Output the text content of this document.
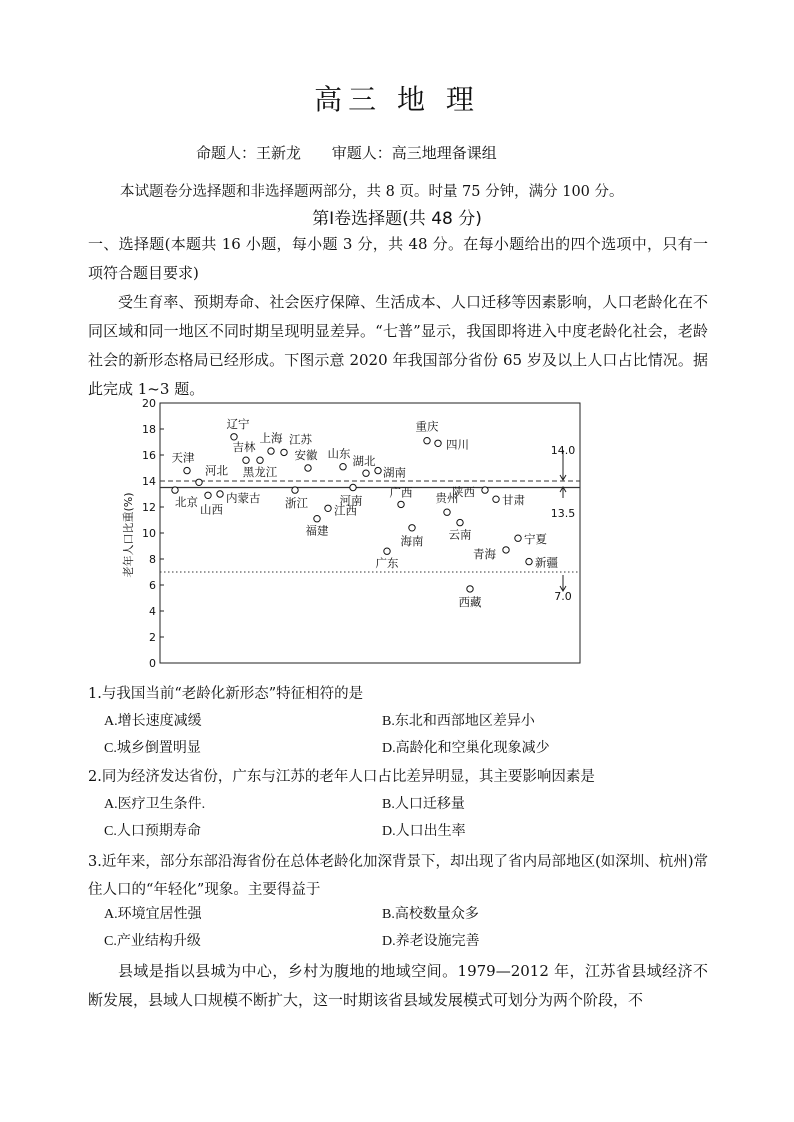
高三 地 理
命题人：王新龙 审题人：高三地理备课组
本试题卷分选择题和非选择题两部分，共 8 页。时量 75 分钟，满分 100 分。
第Ⅰ卷选择题(共 48 分)
一、选择题(本题共 16 小题，每小题 3 分，共 48 分。在每小题给出的四个选项中，只有一项符合题目要求)
受生育率、预期寿命、社会医疗保障、生活成本、人口迁移等因素影响，人口老龄化在不同区域和同一地区不同时期呈现明显差异。“七普”显示，我国即将进入中度老龄化社会，老龄社会的新形态格局已经形成。下图示意 2020 年我国部分省份 65 岁及以上人口占比情况。据此完成 1~3 题。
0
2
4
6
8
10
12
14
16
18
20
14.0
13.5
7.0
北京
天津
河北
山西
内蒙古
辽宁
吉林
黑龙江
上海 江苏
浙江
安徽
福建
江西
山东
河南
湖北
湖南
广东
广西
海南
重庆
四川
贵州
云南
西藏
陕西
甘肃
青海
宁夏
新疆
老年人口比重(%)
1.与我国当前“老龄化新形态”特征相符的是
A.增长速度减缓	B.东北和西部地区差异小
C.城乡倒置明显	D.高龄化和空巢化现象减少
2.同为经济发达省份，广东与江苏的老年人口占比差异明显，其主要影响因素是
A.医疗卫生条件.	B.人口迁移量
C.人口预期寿命	D.人口出生率
3.近年来，部分东部沿海省份在总体老龄化加深背景下，却出现了省内局部地区(如深圳、杭州)常住人口的“年轻化”现象。主要得益于
A.环境宜居性强	B.高校数量众多
C.产业结构升级	D.养老设施完善
县域是指以县城为中心，乡村为腹地的地域空间。1979—2012 年，江苏省县域经济不断发展，县域人口规模不断扩大，这一时期该省县域发展模式可划分为两个阶段，不
